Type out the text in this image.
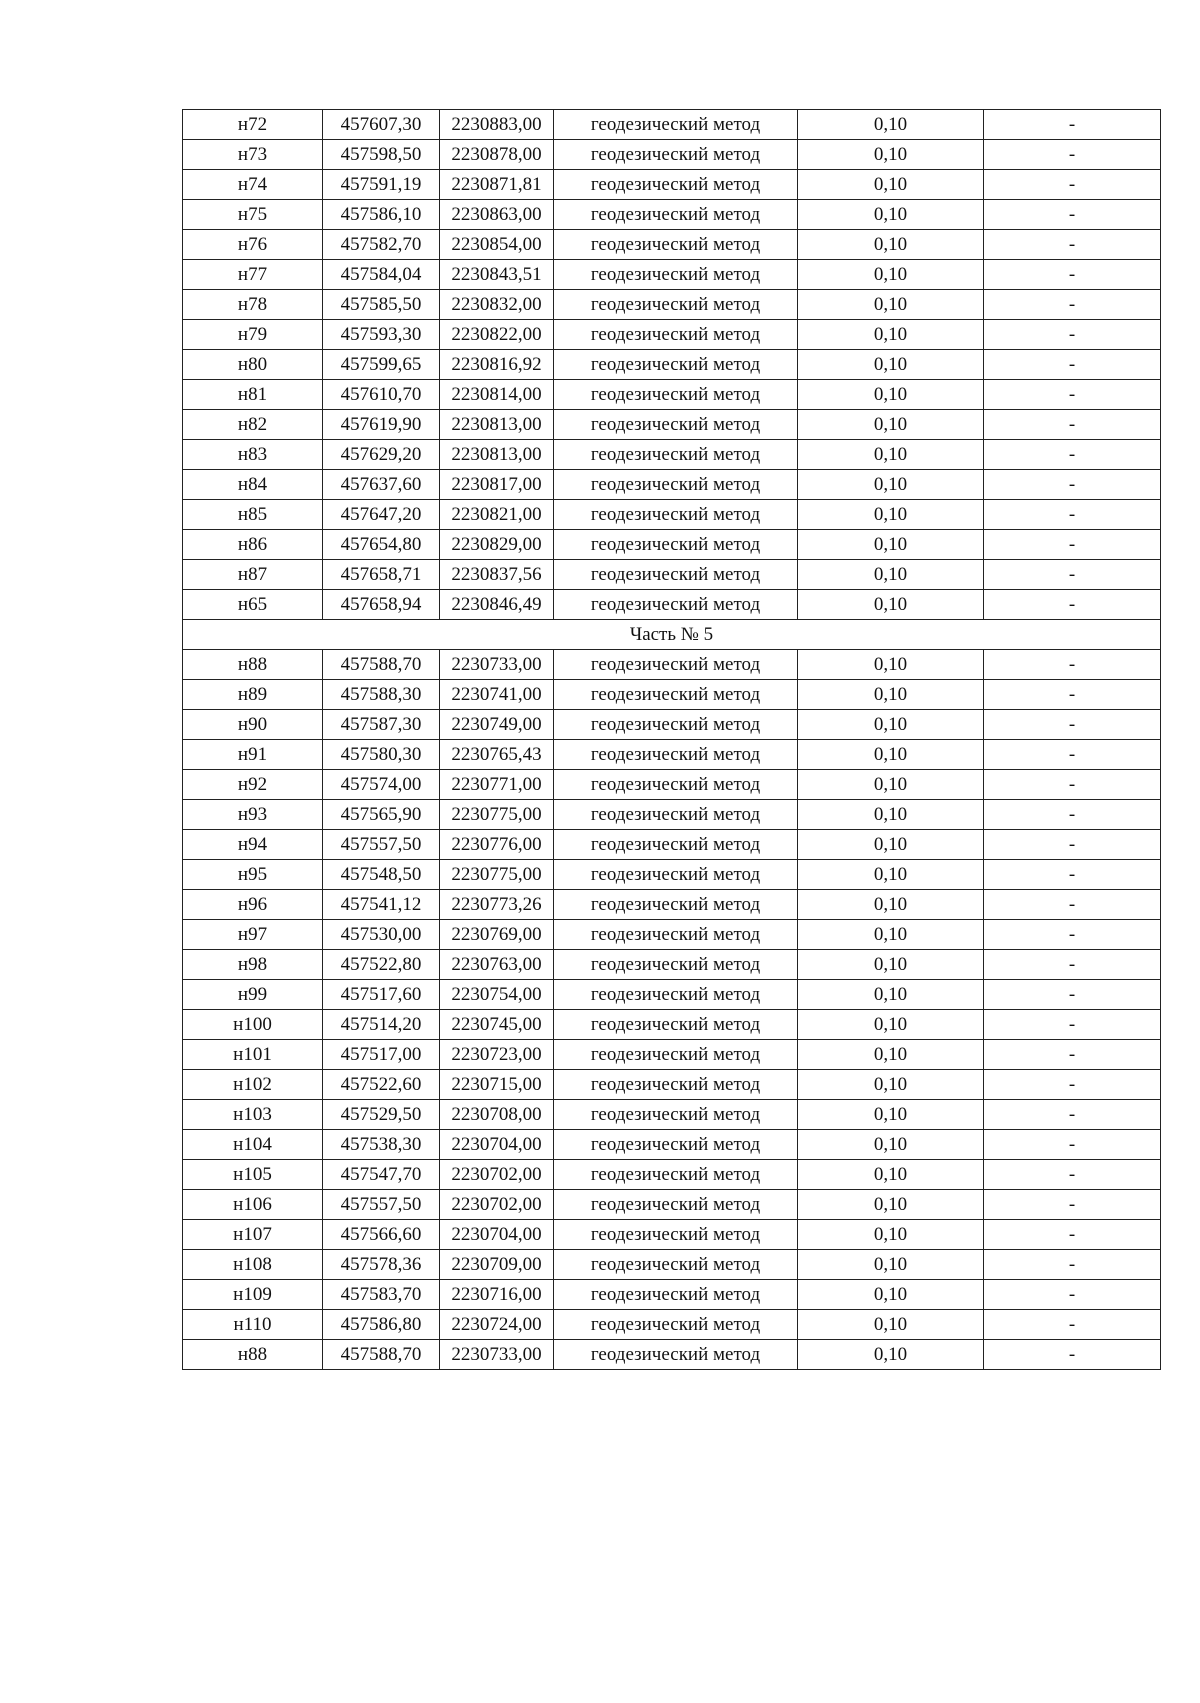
н72	457607,30	2230883,00	геодезический метод	0,10	-
н73	457598,50	2230878,00	геодезический метод	0,10	-
н74	457591,19	2230871,81	геодезический метод	0,10	-
н75	457586,10	2230863,00	геодезический метод	0,10	-
н76	457582,70	2230854,00	геодезический метод	0,10	-
н77	457584,04	2230843,51	геодезический метод	0,10	-
н78	457585,50	2230832,00	геодезический метод	0,10	-
н79	457593,30	2230822,00	геодезический метод	0,10	-
н80	457599,65	2230816,92	геодезический метод	0,10	-
н81	457610,70	2230814,00	геодезический метод	0,10	-
н82	457619,90	2230813,00	геодезический метод	0,10	-
н83	457629,20	2230813,00	геодезический метод	0,10	-
н84	457637,60	2230817,00	геодезический метод	0,10	-
н85	457647,20	2230821,00	геодезический метод	0,10	-
н86	457654,80	2230829,00	геодезический метод	0,10	-
н87	457658,71	2230837,56	геодезический метод	0,10	-
н65	457658,94	2230846,49	геодезический метод	0,10	-
Часть № 5					
н88	457588,70	2230733,00	геодезический метод	0,10	-
н89	457588,30	2230741,00	геодезический метод	0,10	-
н90	457587,30	2230749,00	геодезический метод	0,10	-
н91	457580,30	2230765,43	геодезический метод	0,10	-
н92	457574,00	2230771,00	геодезический метод	0,10	-
н93	457565,90	2230775,00	геодезический метод	0,10	-
н94	457557,50	2230776,00	геодезический метод	0,10	-
н95	457548,50	2230775,00	геодезический метод	0,10	-
н96	457541,12	2230773,26	геодезический метод	0,10	-
н97	457530,00	2230769,00	геодезический метод	0,10	-
н98	457522,80	2230763,00	геодезический метод	0,10	-
н99	457517,60	2230754,00	геодезический метод	0,10	-
н100	457514,20	2230745,00	геодезический метод	0,10	-
н101	457517,00	2230723,00	геодезический метод	0,10	-
н102	457522,60	2230715,00	геодезический метод	0,10	-
н103	457529,50	2230708,00	геодезический метод	0,10	-
н104	457538,30	2230704,00	геодезический метод	0,10	-
н105	457547,70	2230702,00	геодезический метод	0,10	-
н106	457557,50	2230702,00	геодезический метод	0,10	-
н107	457566,60	2230704,00	геодезический метод	0,10	-
н108	457578,36	2230709,00	геодезический метод	0,10	-
н109	457583,70	2230716,00	геодезический метод	0,10	-
н110	457586,80	2230724,00	геодезический метод	0,10	-
н88	457588,70	2230733,00	геодезический метод	0,10	-
